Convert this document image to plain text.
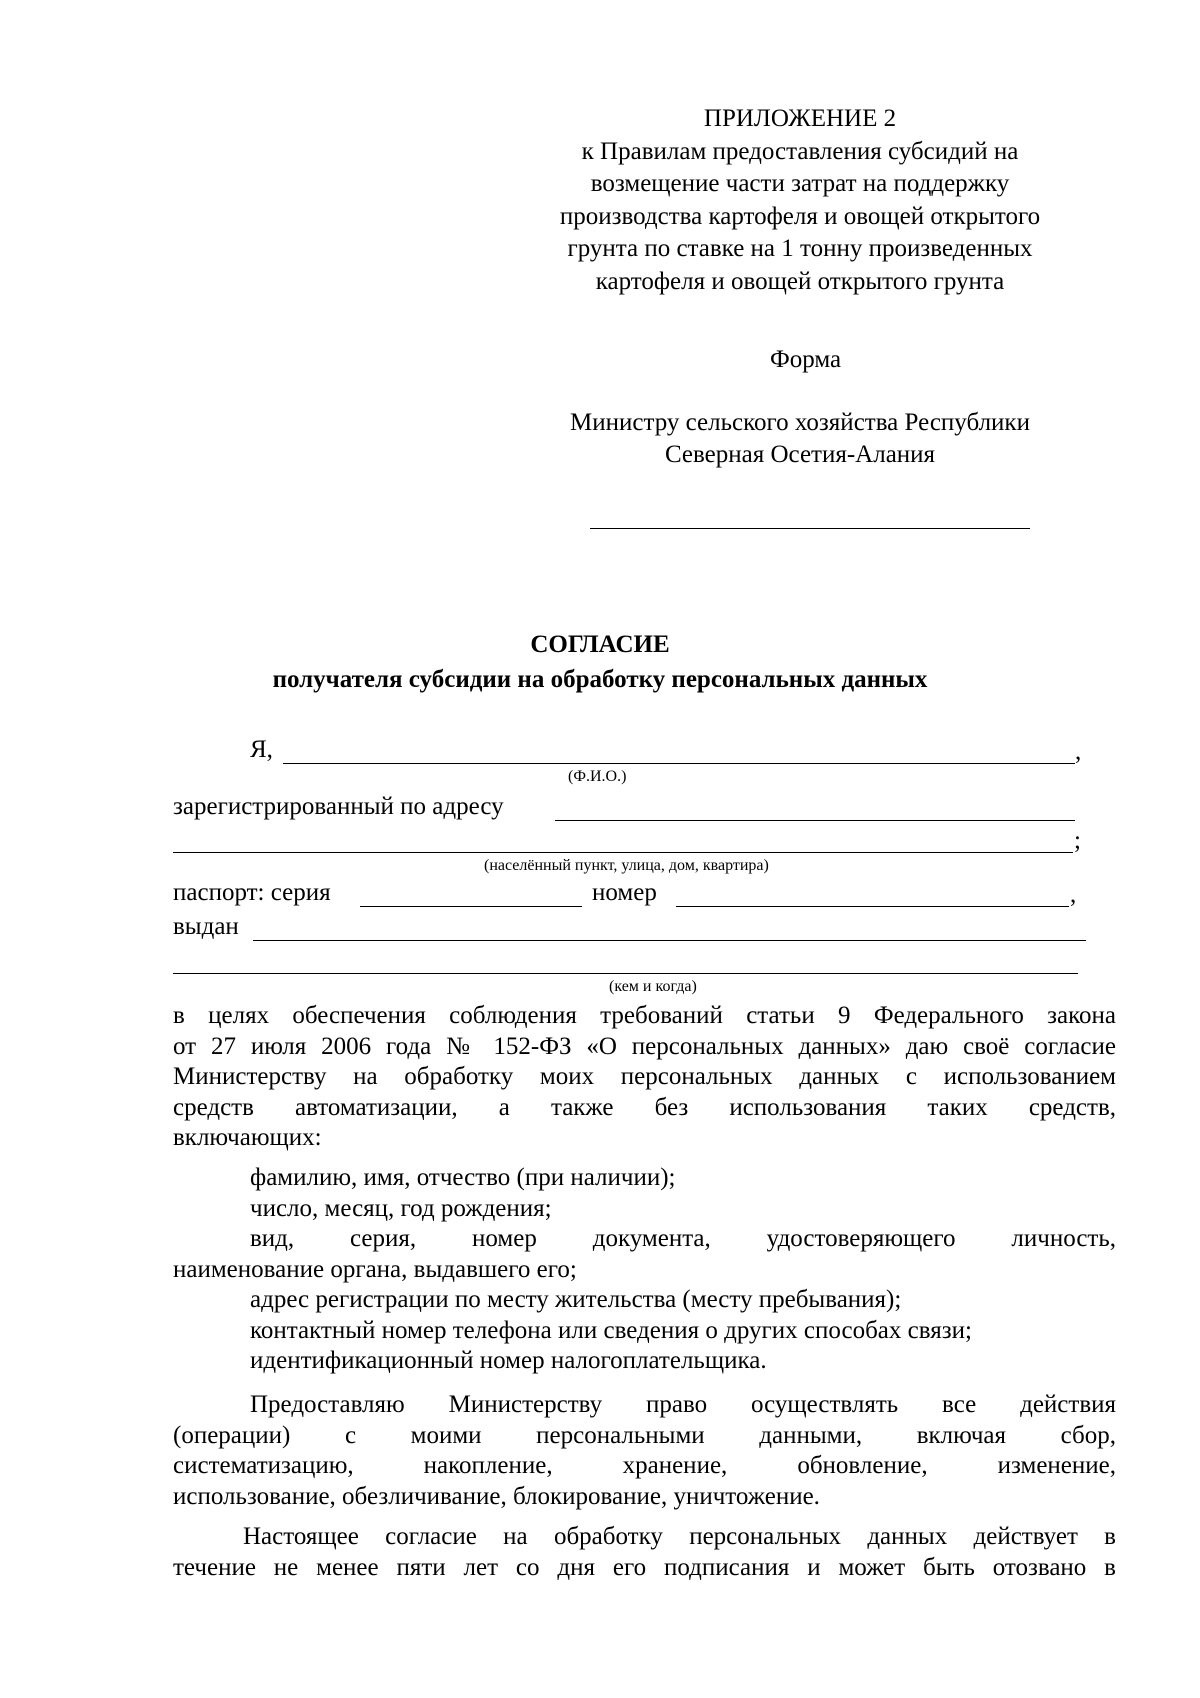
ПРИЛОЖЕНИЕ 2
к Правилам предоставления субсидий на
возмещение части затрат на поддержку
производства картофеля и овощей открытого
грунта по ставке на 1 тонну произведенных
картофеля и овощей открытого грунта
Форма
Министру сельского хозяйства Республики
Северная Осетия-Алания
СОГЛАСИЕ
получателя субсидии на обработку персональных данных
Я,	,
(Ф.И.О.)
зарегистрированный по адресу
;
(населённый пункт, улица, дом, квартира)
паспорт: серия	номер	,
выдан
(кем и когда)

в целях обеспечения соблюдения требований статьи 9 Федерального закона

от 27 июля 2006 года № 152-ФЗ «О персональных данных» даю своё согласие

Министерству на обработку моих персональных данных с использованием

средств автоматизации, а также без использования таких средств,

включающих:

фамилию, имя, отчество (при наличии);

число, месяц, год рождения;

вид, серия, номер документа, удостоверяющего личность,

наименование органа, выдавшего его;

адрес регистрации по месту жительства (месту пребывания);

контактный номер телефона или сведения о других способах связи;

идентификационный номер налогоплательщика.

Предоставляю Министерству право осуществлять все действия

(операции) с моими персональными данными, включая сбор,

систематизацию, накопление, хранение, обновление, изменение,

использование, обезличивание, блокирование, уничтожение.

Настоящее согласие на обработку персональных данных действует в

течение не менее пяти лет со дня его подписания и может быть отозвано в
